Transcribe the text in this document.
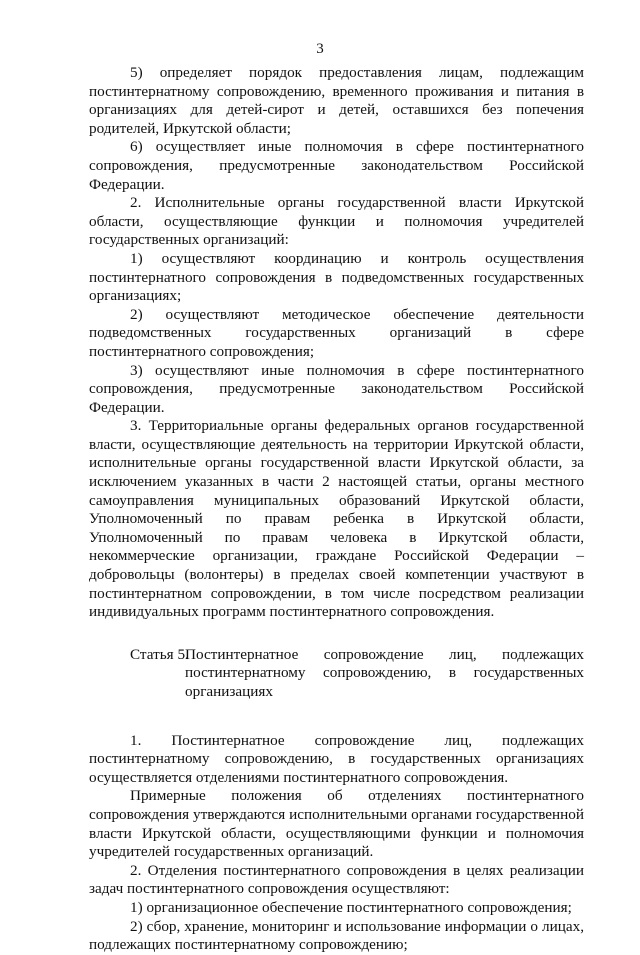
3

5) определяет порядок предоставления лицам, подлежащим постинтернатному сопровождению, временного проживания и питания в организациях для детей-сирот и детей, оставшихся без попечения родителей, Иркутской области;

6) осуществляет иные полномочия в сфере постинтернатного сопровождения, предусмотренные законодательством Российской Федерации.

2. Исполнительные органы государственной власти Иркутской области, осуществляющие функции и полномочия учредителей государственных организаций:

1) осуществляют координацию и контроль осуществления постинтернатного сопровождения в подведомственных государственных организациях;

2) осуществляют методическое обеспечение деятельности подведомственных государственных организаций в сфере постинтернатного сопровождения;

3) осуществляют иные полномочия в сфере постинтернатного сопровождения, предусмотренные законодательством Российской Федерации.

3. Территориальные органы федеральных органов государственной власти, осуществляющие деятельность на территории Иркутской области, исполнительные органы государственной власти Иркутской области, за исключением указанных в части 2 настоящей статьи, органы местного самоуправления муниципальных образований Иркутской области, Уполномоченный по правам ребенка в Иркутской области, Уполномоченный по правам человека в Иркутской области, некоммерческие организации, граждане Российской Федерации – добровольцы (волонтеры) в пределах своей компетенции участвуют в постинтернатном сопровождении, в том числе посредством реализации индивидуальных программ постинтернатного сопровождения.

Статья 5.
Постинтернатное сопровождение лиц, подлежащих постинтернатному сопровождению, в государственных организациях

1. Постинтернатное сопровождение лиц, подлежащих постинтернатному сопровождению, в государственных организациях осуществляется отделениями постинтернатного сопровождения.

Примерные положения об отделениях постинтернатного сопровождения утверждаются исполнительными органами государственной власти Иркутской области, осуществляющими функции и полномочия учредителей государственных организаций.

2. Отделения постинтернатного сопровождения в целях реализации задач постинтернатного сопровождения осуществляют:

1) организационное обеспечение постинтернатного сопровождения;

2) сбор, хранение, мониторинг и использование информации о лицах, подлежащих постинтернатному сопровождению;
